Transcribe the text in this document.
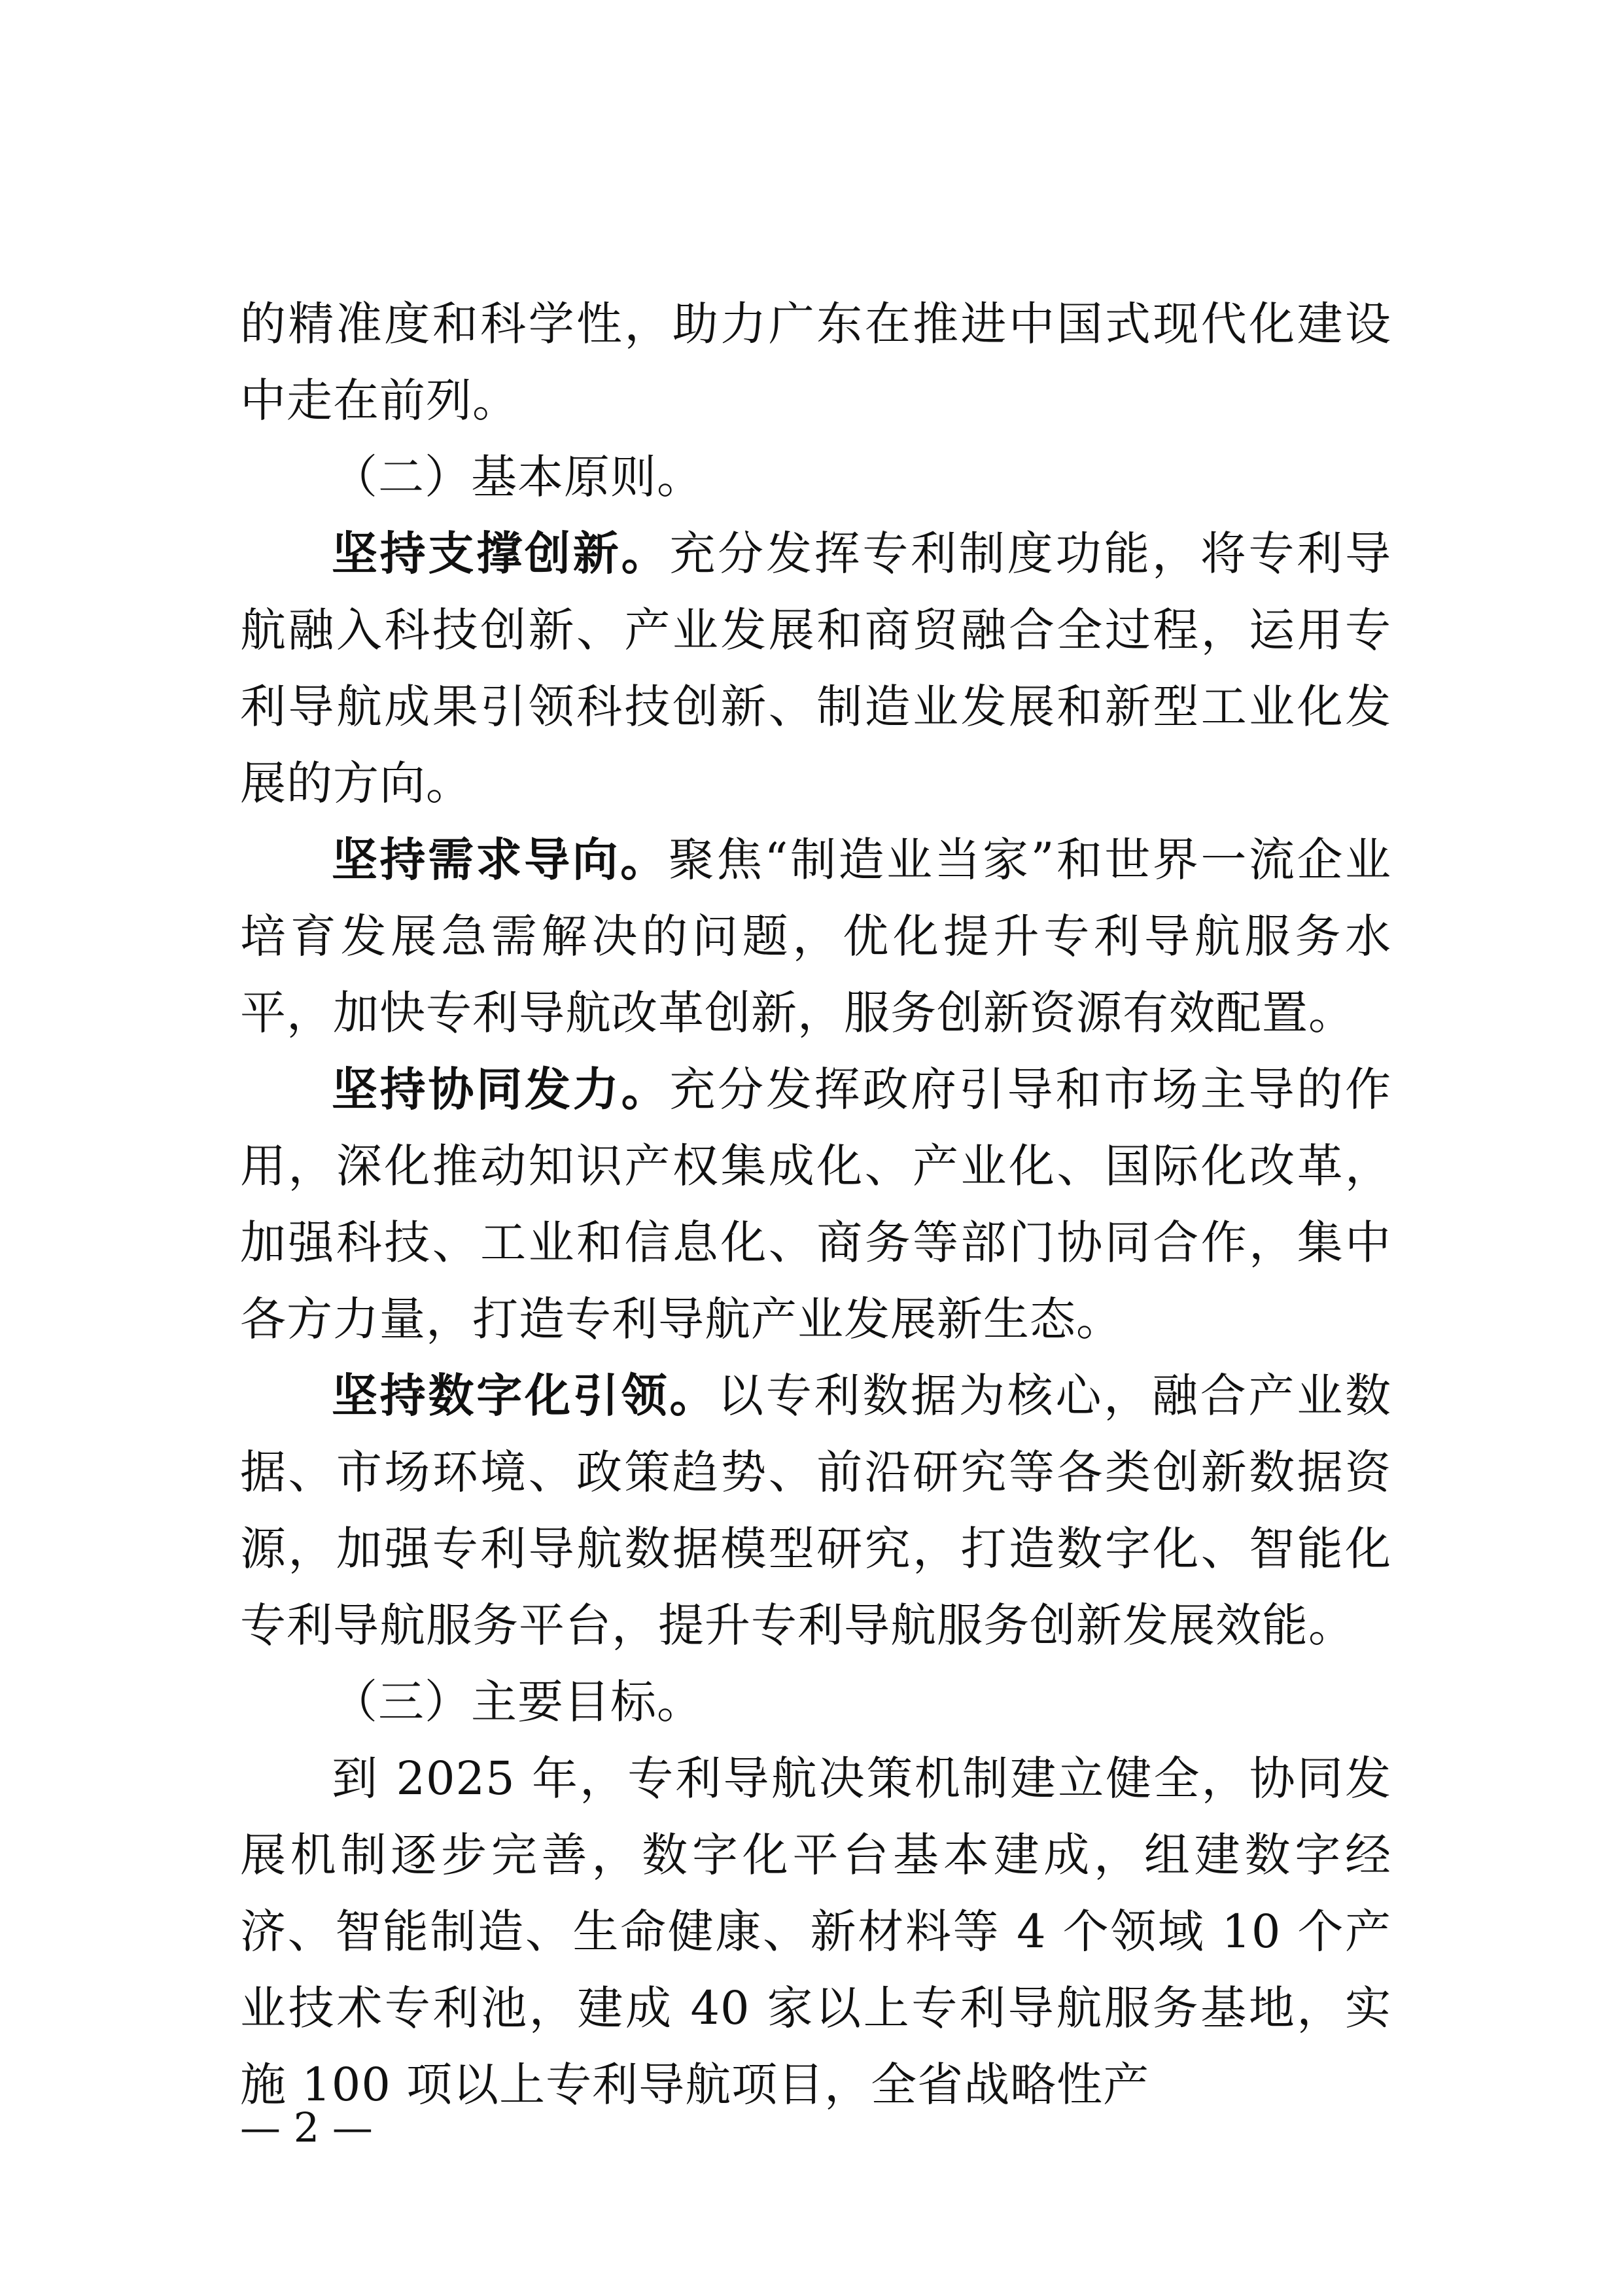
的精准度和科学性，助力广东在推进中国式现代化建设中走在前列。

（二）基本原则。

坚持支撑创新。充分发挥专利制度功能，将专利导航融入科技创新、产业发展和商贸融合全过程，运用专利导航成果引领科技创新、制造业发展和新型工业化发展的方向。

坚持需求导向。聚焦“制造业当家”和世界一流企业培育发展急需解决的问题，优化提升专利导航服务水平，加快专利导航改革创新，服务创新资源有效配置。

坚持协同发力。充分发挥政府引导和市场主导的作用，深化推动知识产权集成化、产业化、国际化改革，加强科技、工业和信息化、商务等部门协同合作，集中各方力量，打造专利导航产业发展新生态。

坚持数字化引领。以专利数据为核心，融合产业数据、市场环境、政策趋势、前沿研究等各类创新数据资源，加强专利导航数据模型研究，打造数字化、智能化专利导航服务平台，提升专利导航服务创新发展效能。

（三）主要目标。

到 2025 年，专利导航决策机制建立健全，协同发展机制逐步完善，数字化平台基本建成，组建数字经济、智能制造、生命健康、新材料等 4 个领域 10 个产业技术专利池，建成 40 家以上专利导航服务基地，实施 100 项以上专利导航项目，全省战略性产

— 2 —
